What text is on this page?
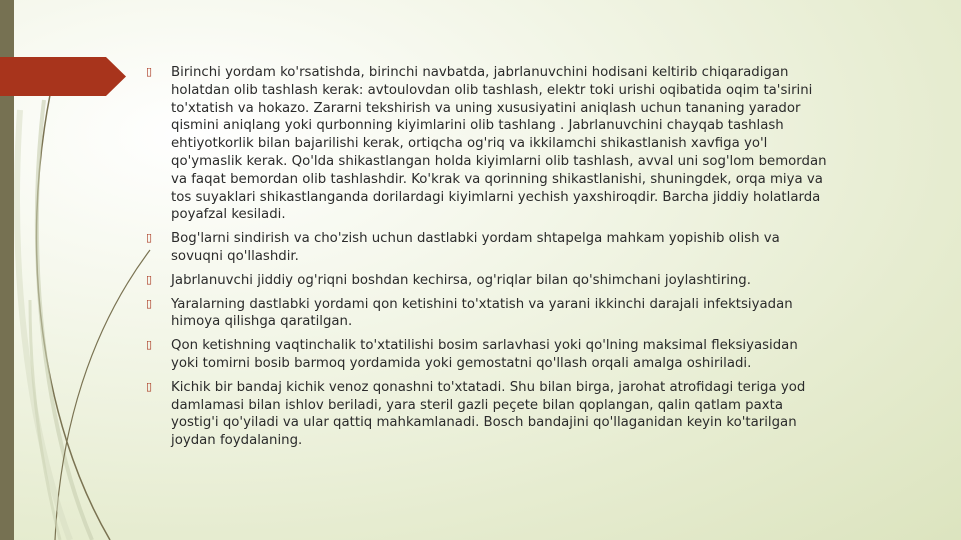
▯ Birinchi yordam ko'rsatishda, birinchi navbatda, jabrlanuvchini hodisani keltirib chiqaradigan
holatdan olib tashlash kerak: avtoulovdan olib tashlash, elektr toki urishi oqibatida oqim ta'sirini
to'xtatish va hokazo. Zararni tekshirish va uning xususiyatini aniqlash uchun tananing yarador
qismini aniqlang yoki qurbonning kiyimlarini olib tashlang . Jabrlanuvchini chayqab tashlash
ehtiyotkorlik bilan bajarilishi kerak, ortiqcha og'riq va ikkilamchi shikastlanish xavfiga yo'l
qo'ymaslik kerak. Qo'lda shikastlangan holda kiyimlarni olib tashlash, avval uni sog'lom bemordan
va faqat bemordan olib tashlashdir. Ko'krak va qorinning shikastlanishi, shuningdek, orqa miya va
tos suyaklari shikastlanganda dorilardagi kiyimlarni yechish yaxshiroqdir. Barcha jiddiy holatlarda
poyafzal kesiladi.
▯ Bog'larni sindirish va cho'zish uchun dastlabki yordam shtapelga mahkam yopishib olish va
sovuqni qo'llashdir.
▯ Jabrlanuvchi jiddiy og'riqni boshdan kechirsa, og'riqlar bilan qo'shimchani joylashtiring.
▯ Yaralarning dastlabki yordami qon ketishini to'xtatish va yarani ikkinchi darajali infektsiyadan
himoya qilishga qaratilgan.
▯ Qon ketishning vaqtinchalik to'xtatilishi bosim sarlavhasi yoki qo'lning maksimal fleksiyasidan
yoki tomirni bosib barmoq yordamida yoki gemostatni qo'llash orqali amalga oshiriladi.
▯ Kichik bir bandaj kichik venoz qonashni to'xtatadi. Shu bilan birga, jarohat atrofidagi teriga yod
damlamasi bilan ishlov beriladi, yara steril gazli peçete bilan qoplangan, qalin qatlam paxta
yostig'i qo'yiladi va ular qattiq mahkamlanadi. Bosch bandajini qo'llaganidan keyin ko'tarilgan
joydan foydalaning.
